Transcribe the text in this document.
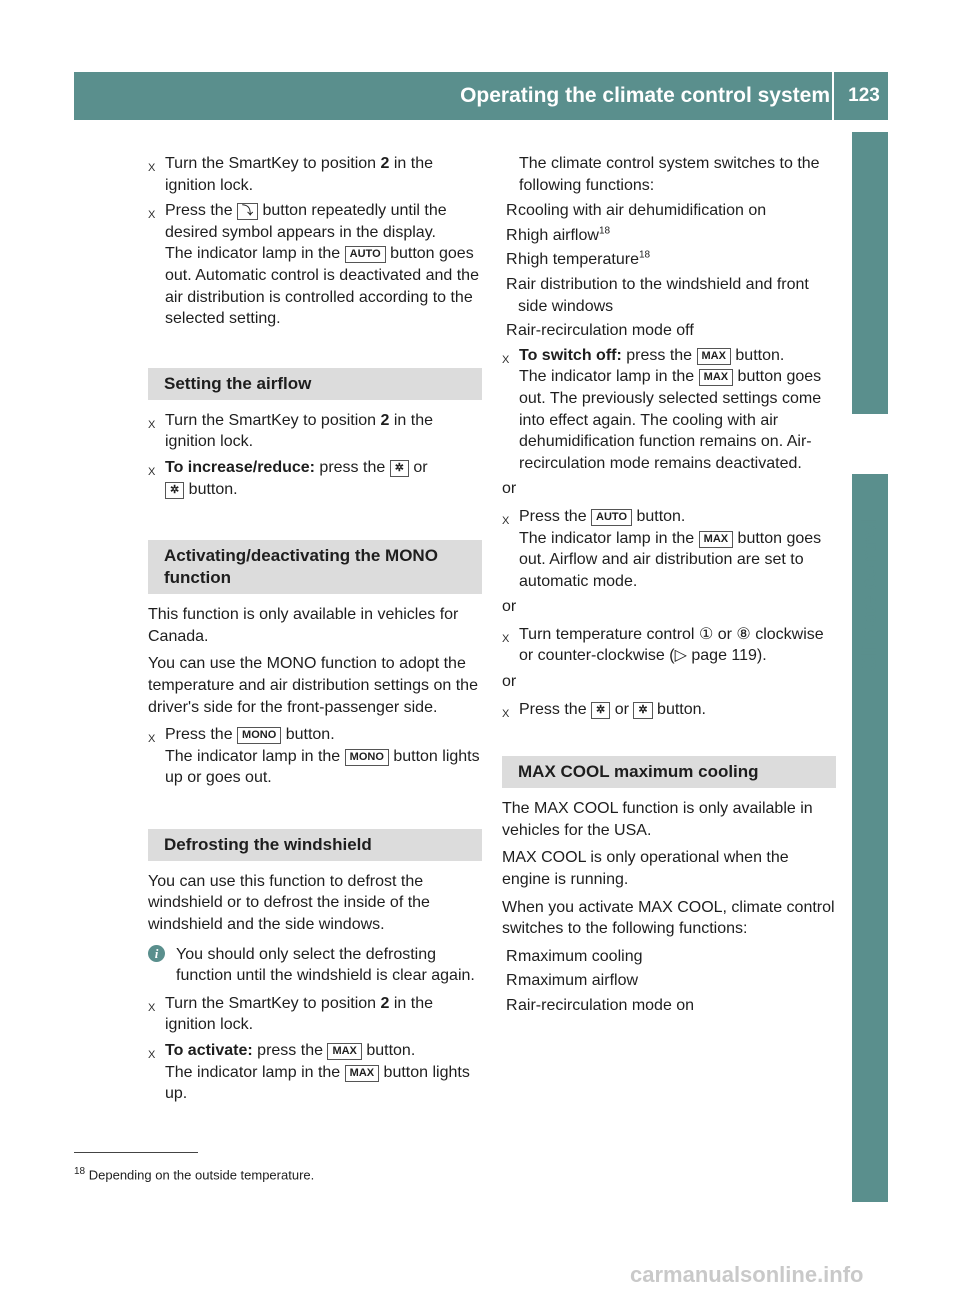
Operating the climate control system 123
Climate control
X Turn the SmartKey to position 2 in the ignition lock.
X Press the ⤵ button repeatedly until the desired symbol appears in the display.
The indicator lamp in the AUTO button goes out. Automatic control is deactivated and the air distribution is controlled according to the selected setting.
Setting the airflow
X Turn the SmartKey to position 2 in the ignition lock.
X To increase/reduce: press the ✲ or
✲ button.
Activating/deactivating the MONO function

This function is only available in vehicles for Canada.

You can use the MONO function to adopt the temperature and air distribution settings on the driver's side for the front-passenger side.

X Press the MONO button.
The indicator lamp in the MONO button lights up or goes out.
Defrosting the windshield

You can use this function to defrost the windshield or to defrost the inside of the windshield and the side windows.

i	You should only select the defrosting function until the windshield is clear again.
X Turn the SmartKey to position 2 in the ignition lock.
X To activate: press the MAX button.
The indicator lamp in the MAX button lights up.
The climate control system switches to the following functions:
R cooling with air dehumidification on
R high airflow$^{18}$
R high temperature$^{18}$
R air distribution to the windshield and front side windows
R air-recirculation mode off
X To switch off: press the MAX button.
The indicator lamp in the MAX button goes out. The previously selected settings come into effect again. The cooling with air dehumidification function remains on. Air-recirculation mode remains deactivated.
or
X Press the AUTO button.
The indicator lamp in the MAX button goes out. Airflow and air distribution are set to automatic mode.
or
X Turn temperature control ① or ⑧ clockwise or counter-clockwise (▷ page 119).
or
X Press the ✲ or ✲ button.
MAX COOL maximum cooling

The MAX COOL function is only available in vehicles for the USA.

MAX COOL is only operational when the engine is running.

When you activate MAX COOL, climate control switches to the following functions:

R maximum cooling
R maximum airflow
R air-recirculation mode on
$^{18}$ Depending on the outside temperature.
carmanualsonline.info
